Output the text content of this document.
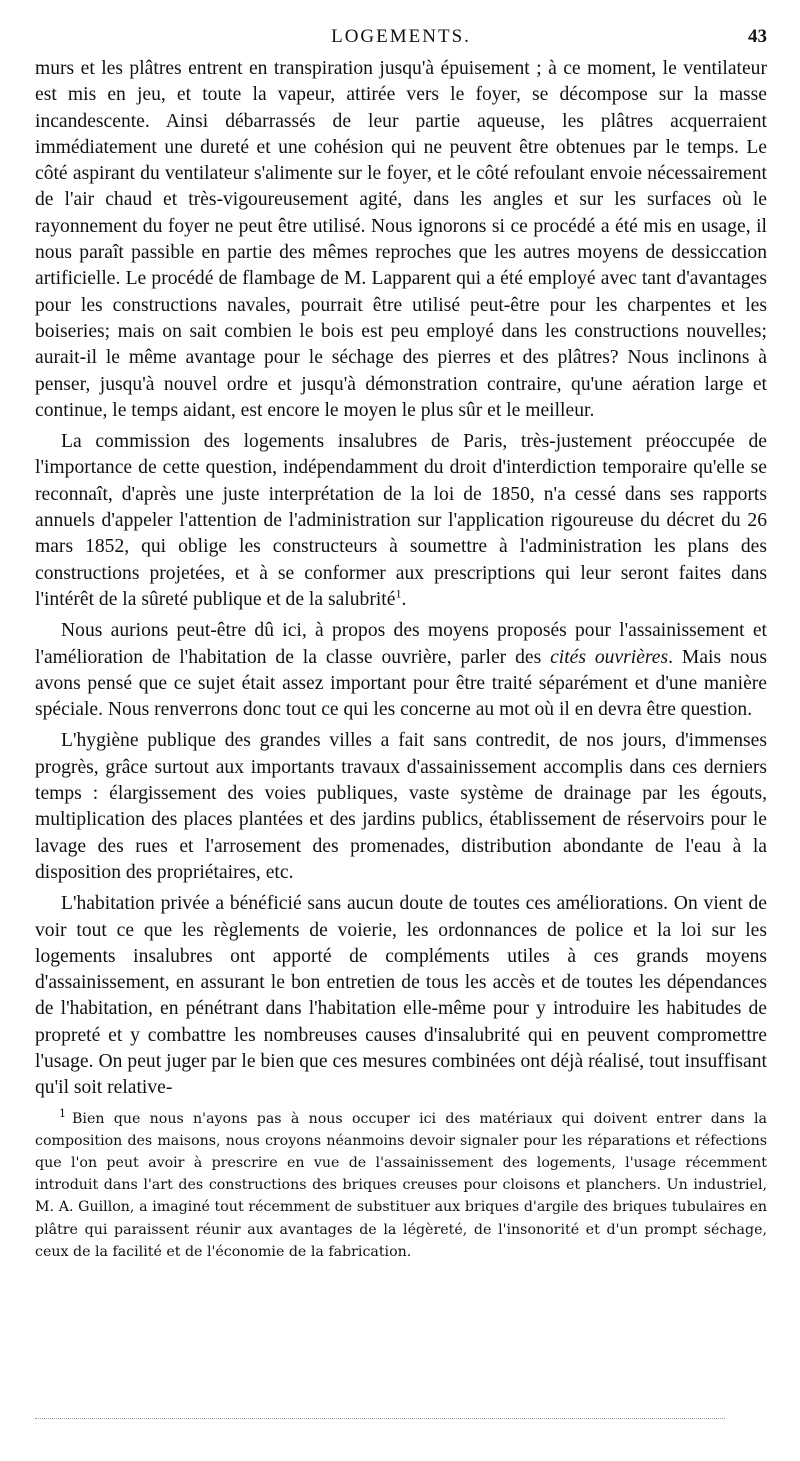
LOGEMENTS.	43

murs et les plâtres entrent en transpiration jusqu'à épuisement ; à ce moment, le ventilateur est mis en jeu, et toute la vapeur, attirée vers le foyer, se décompose sur la masse incandescente. Ainsi débarrassés de leur partie aqueuse, les plâtres acquerraient immédiatement une dureté et une cohésion qui ne peuvent être obtenues par le temps. Le côté aspirant du ventilateur s'alimente sur le foyer, et le côté refoulant envoie nécessairement de l'air chaud et très-vigoureusement agité, dans les angles et sur les surfaces où le rayonnement du foyer ne peut être utilisé. Nous ignorons si ce procédé a été mis en usage, il nous paraît passible en partie des mêmes reproches que les autres moyens de dessiccation artificielle. Le procédé de flambage de M. Lapparent qui a été employé avec tant d'avantages pour les constructions navales, pourrait être utilisé peut-être pour les charpentes et les boiseries; mais on sait combien le bois est peu employé dans les constructions nouvelles; aurait-il le même avantage pour le séchage des pierres et des plâtres? Nous inclinons à penser, jusqu'à nouvel ordre et jusqu'à démonstration contraire, qu'une aération large et continue, le temps aidant, est encore le moyen le plus sûr et le meilleur.

La commission des logements insalubres de Paris, très-justement préoccupée de l'importance de cette question, indépendamment du droit d'interdiction temporaire qu'elle se reconnaît, d'après une juste interprétation de la loi de 1850, n'a cessé dans ses rapports annuels d'appeler l'attention de l'administration sur l'application rigoureuse du décret du 26 mars 1852, qui oblige les constructeurs à soumettre à l'administration les plans des constructions projetées, et à se conformer aux prescriptions qui leur seront faites dans l'intérêt de la sûreté publique et de la salubrité$^1$.

Nous aurions peut-être dû ici, à propos des moyens proposés pour l'assainissement et l'amélioration de l'habitation de la classe ouvrière, parler des cités ouvrières. Mais nous avons pensé que ce sujet était assez important pour être traité séparément et d'une manière spéciale. Nous renverrons donc tout ce qui les concerne au mot où il en devra être question.

L'hygiène publique des grandes villes a fait sans contredit, de nos jours, d'immenses progrès, grâce surtout aux importants travaux d'assainissement accomplis dans ces derniers temps : élargissement des voies publiques, vaste système de drainage par les égouts, multiplication des places plantées et des jardins publics, établissement de réservoirs pour le lavage des rues et l'arrosement des promenades, distribution abondante de l'eau à la disposition des propriétaires, etc.

L'habitation privée a bénéficié sans aucun doute de toutes ces améliorations. On vient de voir tout ce que les règlements de voierie, les ordonnances de police et la loi sur les logements insalubres ont apporté de compléments utiles à ces grands moyens d'assainissement, en assurant le bon entretien de tous les accès et de toutes les dépendances de l'habitation, en pénétrant dans l'habitation elle-même pour y introduire les habitudes de propreté et y combattre les nombreuses causes d'insalubrité qui en peuvent compromettre l'usage. On peut juger par le bien que ces mesures combinées ont déjà réalisé, tout insuffisant qu'il soit relative-

$^1$ Bien que nous n'ayons pas à nous occuper ici des matériaux qui doivent entrer dans la composition des maisons, nous croyons néanmoins devoir signaler pour les réparations et réfections que l'on peut avoir à prescrire en vue de l'assainissement des logements, l'usage récemment introduit dans l'art des constructions des briques creuses pour cloisons et planchers. Un industriel, M. A. Guillon, a imaginé tout récemment de substituer aux briques d'argile des briques tubulaires en plâtre qui paraissent réunir aux avantages de la légèreté, de l'insonorité et d'un prompt séchage, ceux de la facilité et de l'économie de la fabrication.
